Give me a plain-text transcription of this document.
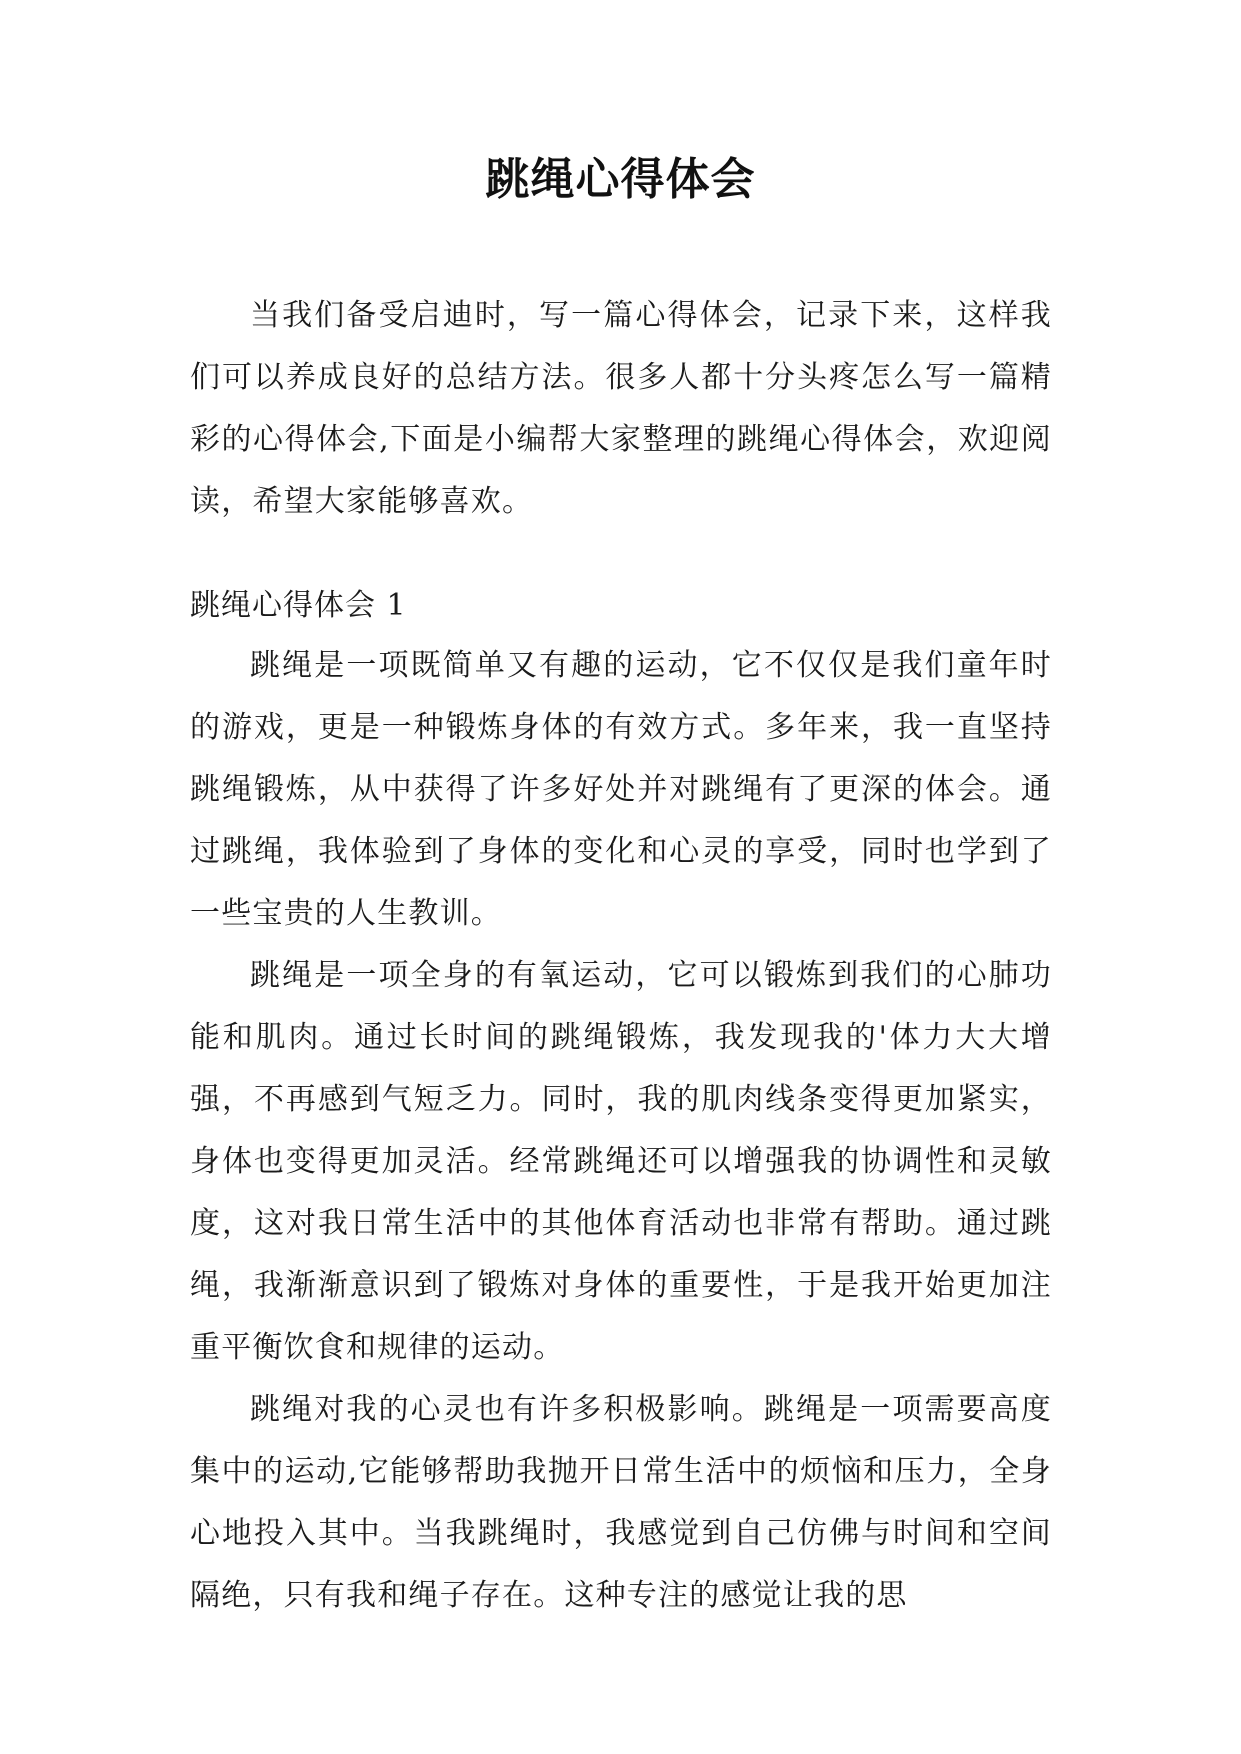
跳绳心得体会

当我们备受启迪时，写一篇心得体会，记录下来，这样我们可以养成良好的总结方法。很多人都十分头疼怎么写一篇精彩的心得体会,下面是小编帮大家整理的跳绳心得体会，欢迎阅读，希望大家能够喜欢。

跳绳心得体会 1

跳绳是一项既简单又有趣的运动，它不仅仅是我们童年时的游戏，更是一种锻炼身体的有效方式。多年来，我一直坚持跳绳锻炼，从中获得了许多好处并对跳绳有了更深的体会。通过跳绳，我体验到了身体的变化和心灵的享受，同时也学到了一些宝贵的人生教训。

跳绳是一项全身的有氧运动，它可以锻炼到我们的心肺功能和肌肉。通过长时间的跳绳锻炼，我发现我的'体力大大增强，不再感到气短乏力。同时，我的肌肉线条变得更加紧实，身体也变得更加灵活。经常跳绳还可以增强我的协调性和灵敏度，这对我日常生活中的其他体育活动也非常有帮助。通过跳绳，我渐渐意识到了锻炼对身体的重要性，于是我开始更加注重平衡饮食和规律的运动。

跳绳对我的心灵也有许多积极影响。跳绳是一项需要高度集中的运动,它能够帮助我抛开日常生活中的烦恼和压力，全身心地投入其中。当我跳绳时，我感觉到自己仿佛与时间和空间隔绝，只有我和绳子存在。这种专注的感觉让我的思
